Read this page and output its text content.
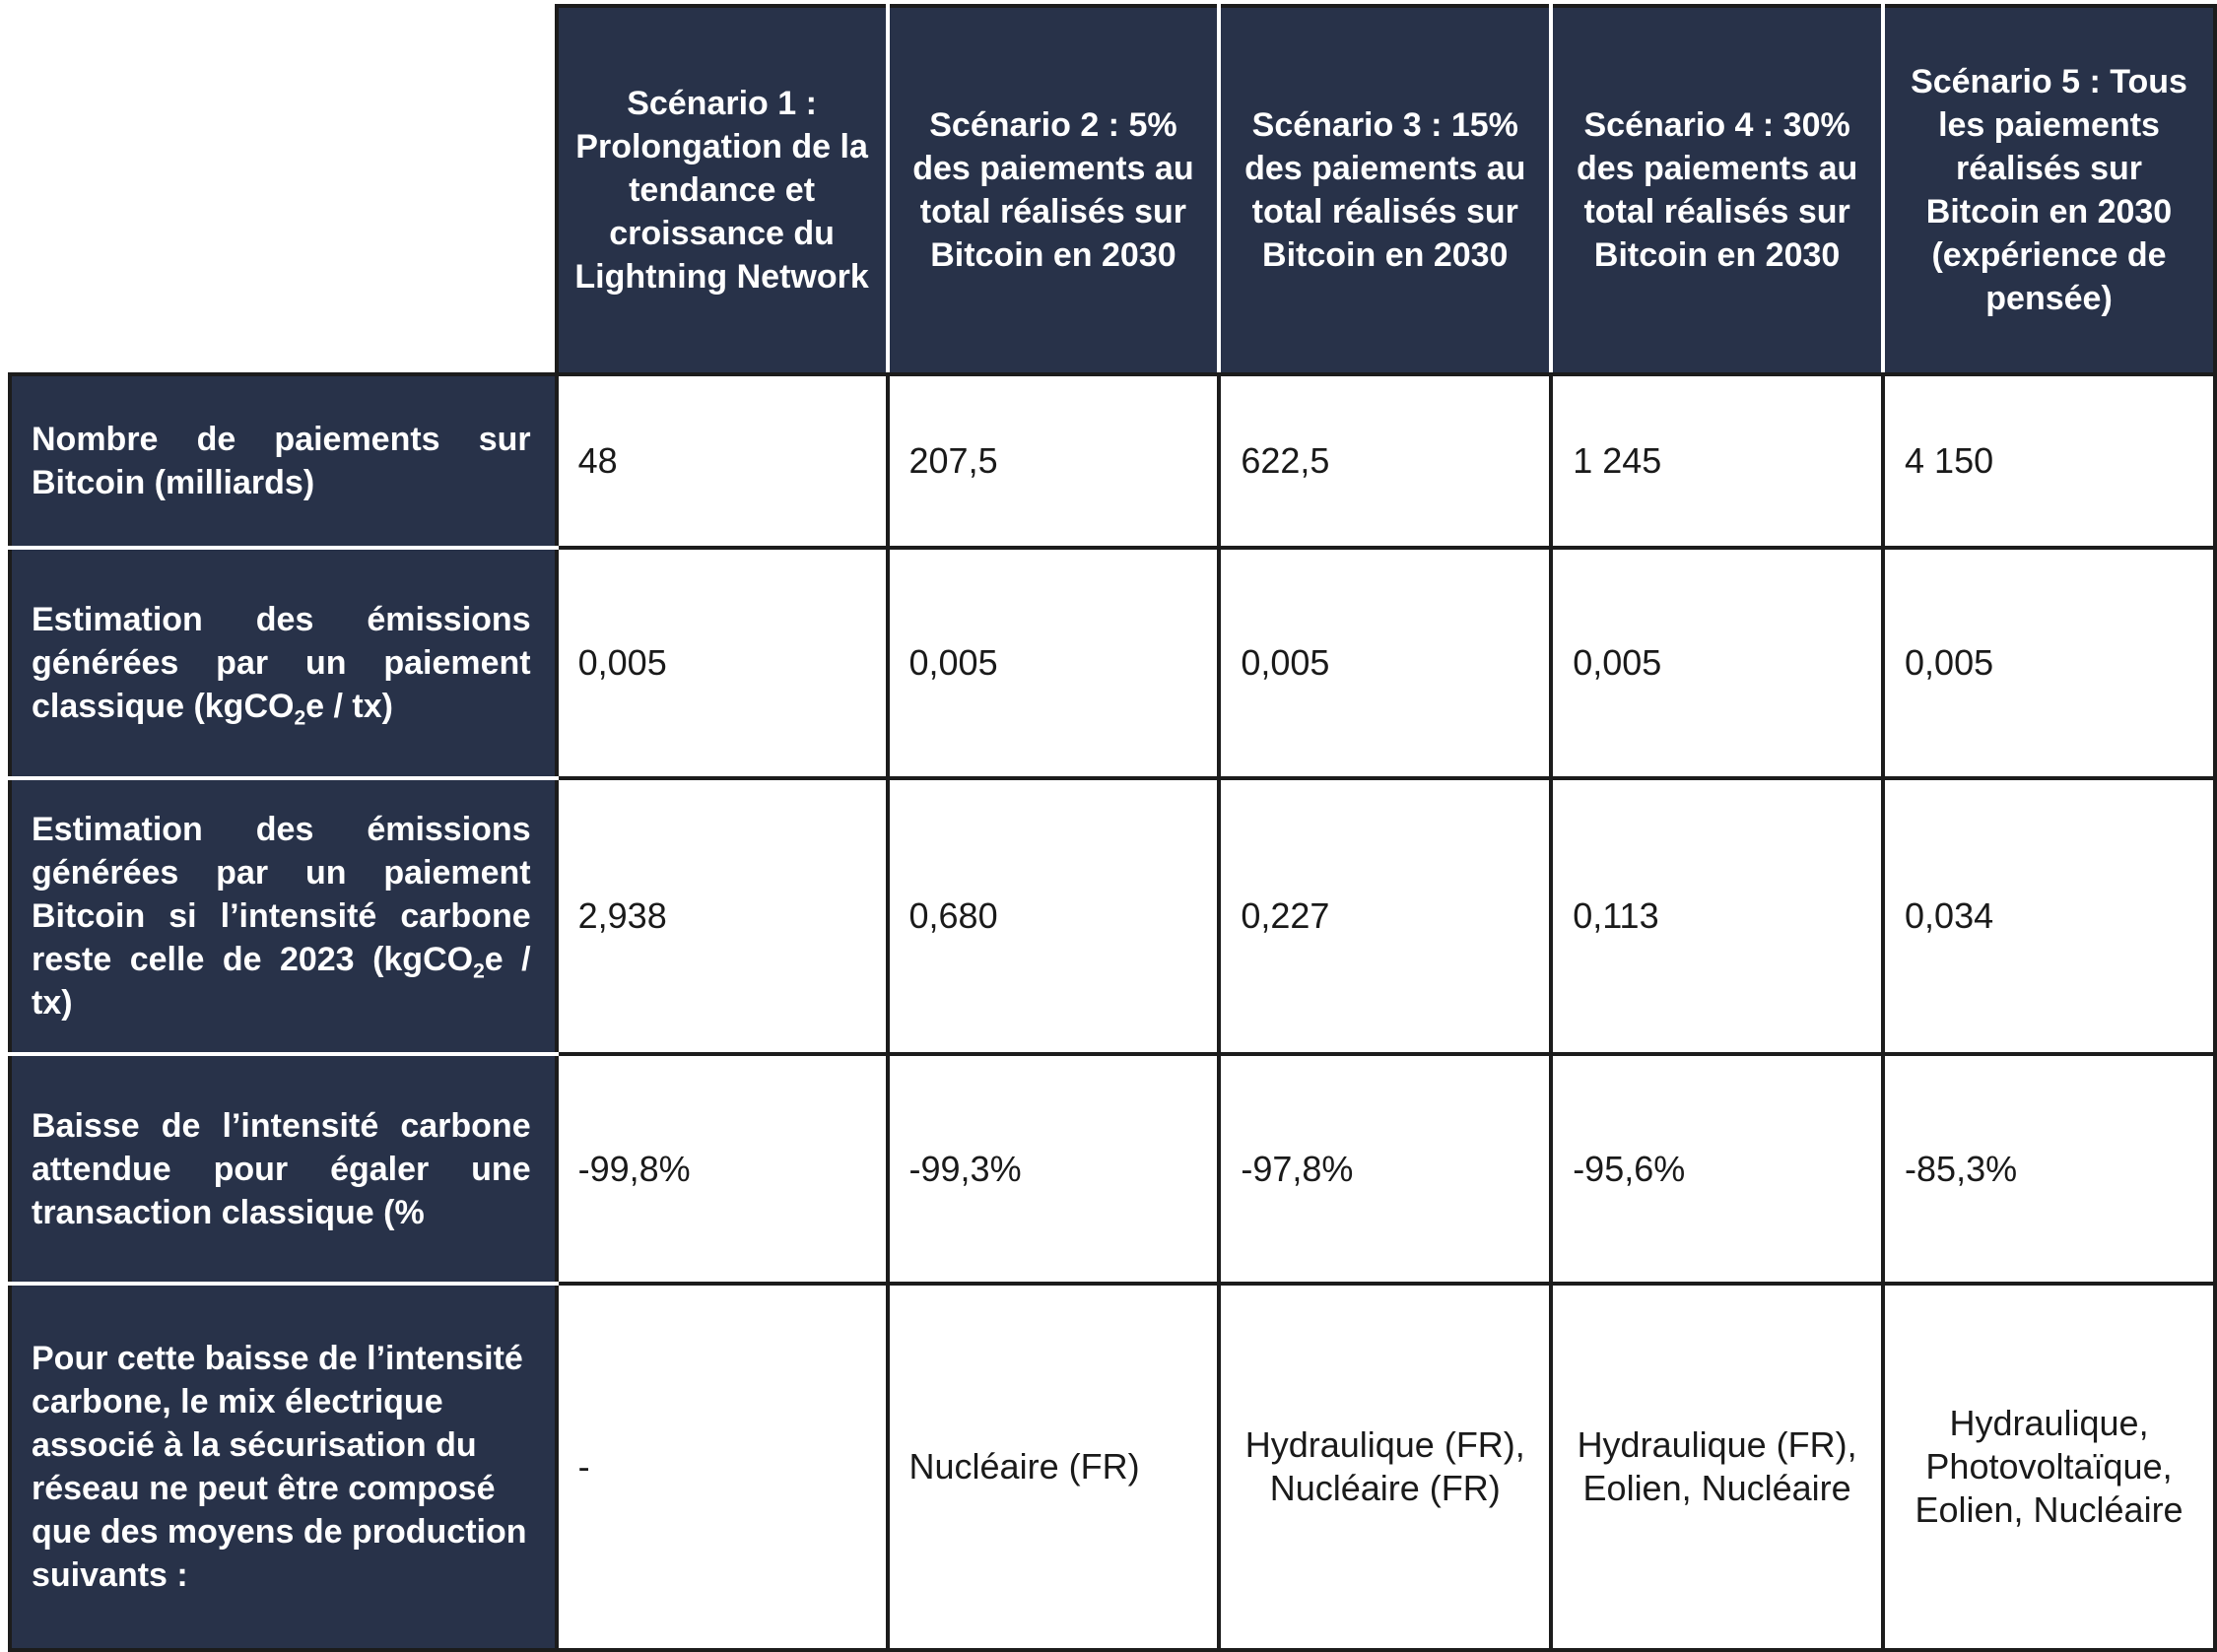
	Scénario 1 : Prolongation de la tendance et croissance du Lightning Network	Scénario 2 : 5% des paiements au total réalisés sur Bitcoin en 2030	Scénario 3 : 15% des paiements au total réalisés sur Bitcoin en 2030	Scénario 4 : 30% des paiements au total réalisés sur Bitcoin en 2030	Scénario 5 : Tous les paiements réalisés sur Bitcoin en 2030 (expérience de pensée)
Nombre de paiements sur Bitcoin (milliards)	48	207,5	622,5	1 245	4 150
Estimation des émissions générées par un paiement classique (kgCO$_2$e / tx)	0,005	0,005	0,005	0,005	0,005
Estimation des émissions générées par un paiement Bitcoin si l’intensité carbone reste celle de 2023 (kgCO$_2$e / tx)	2,938	0,680	0,227	0,113	0,034
Baisse de l’intensité carbone attendue pour égaler une transaction classique (%	-99,8%	-99,3%	-97,8%	-95,6%	-85,3%
Pour cette baisse de l’intensité carbone, le mix électrique associé à la sécurisation du réseau ne peut être composé que des moyens de production suivants :	-	Nucléaire (FR)	Hydraulique (FR), Nucléaire (FR)	Hydraulique (FR), Eolien, Nucléaire	Hydraulique, Photovoltaïque, Eolien, Nucléaire
